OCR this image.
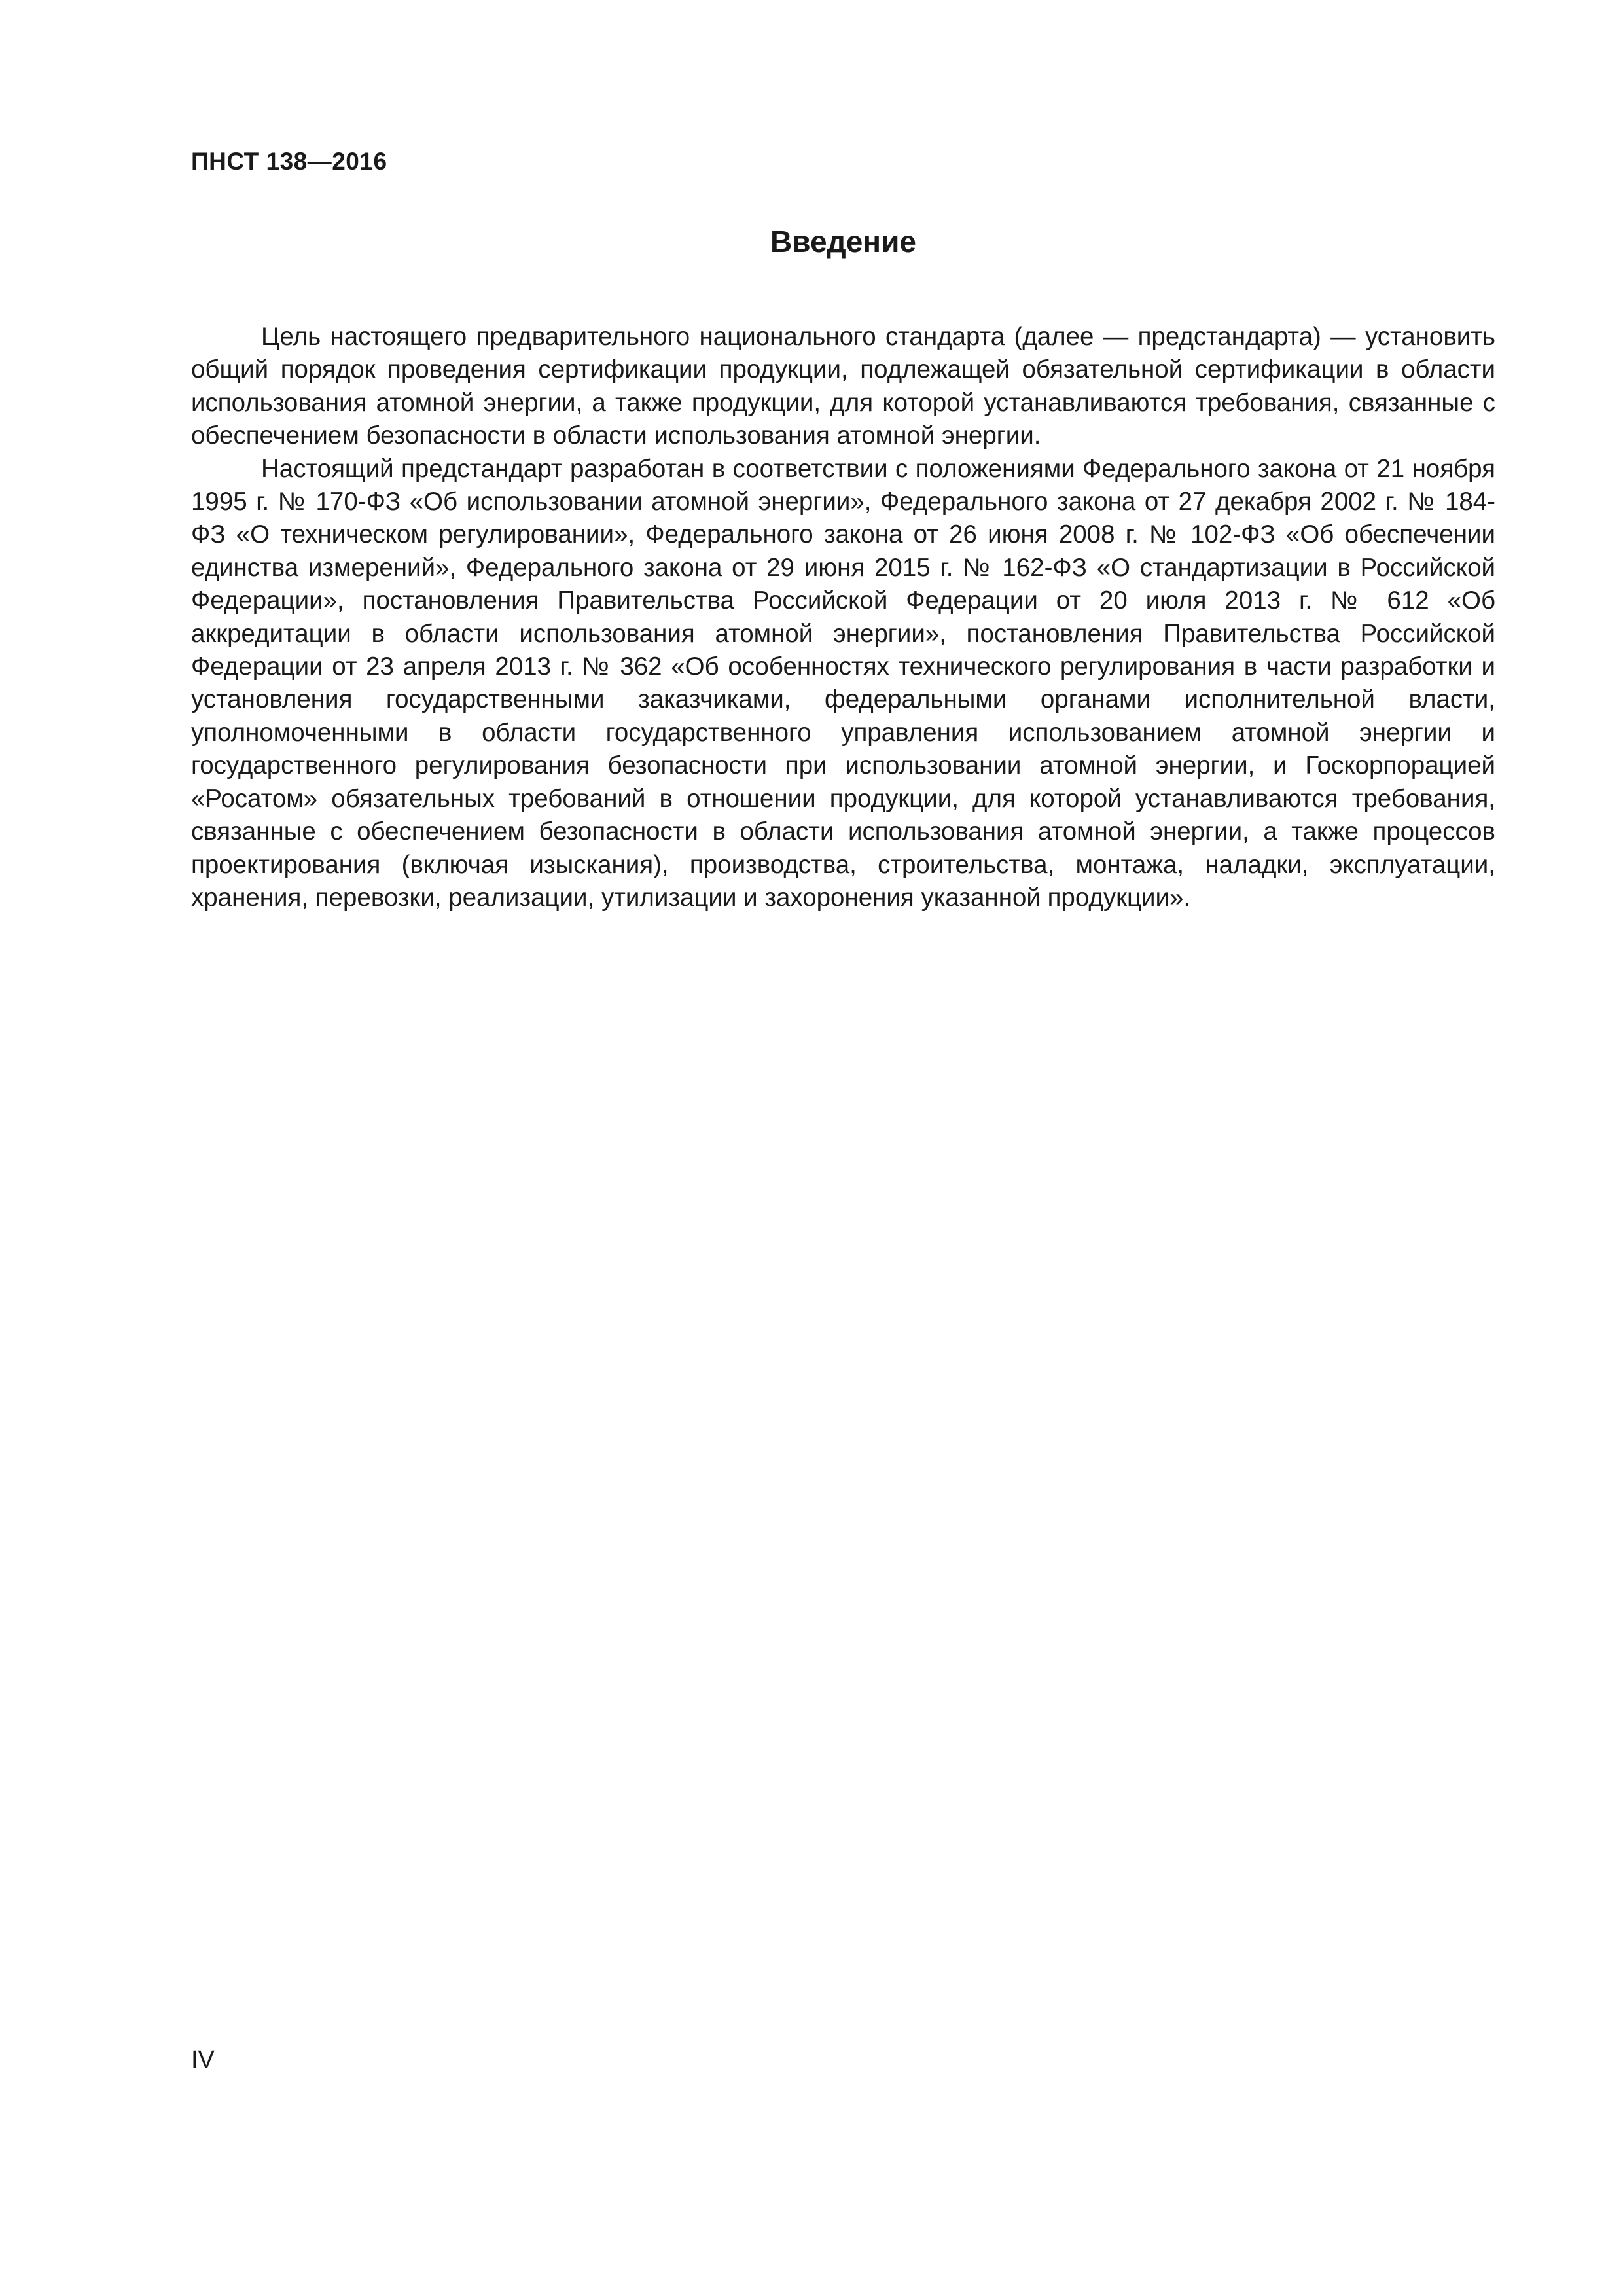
ПНСТ 138—2016
Введение

Цель настоящего предварительного национального стандарта (далее — предстандарта) — установить общий порядок проведения сертификации продукции, подлежащей обязательной сертификации в области использования атомной энергии, а также продукции, для которой устанавливаются требования, связанные с обеспечением безопасности в области использования атомной энергии.

Настоящий предстандарт разработан в соответствии с положениями Федерального закона от 21 ноября 1995 г. № 170-ФЗ «Об использовании атомной энергии», Федерального закона от 27 декабря 2002 г. № 184-ФЗ «О техническом регулировании», Федерального закона от 26 июня 2008 г. № 102-ФЗ «Об обеспечении единства измерений», Федерального закона от 29 июня 2015 г. № 162-ФЗ «О стандартизации в Российской Федерации», постановления Правительства Российской Федерации от 20 июля 2013 г. № 612 «Об аккредитации в области использования атомной энергии», постановления Правительства Российской Федерации от 23 апреля 2013 г. № 362 «Об особенностях технического регулирования в части разработки и установления государственными заказчиками, федеральными органами исполнительной власти, уполномоченными в области государственного управления использованием атомной энергии и государственного регулирования безопасности при использовании атомной энергии, и Госкорпорацией «Росатом» обязательных требований в отношении продукции, для которой устанавливаются требования, связанные с обеспечением безопасности в области использования атомной энергии, а также процессов проектирования (включая изыскания), производства, строительства, монтажа, наладки, эксплуатации, хранения, перевозки, реализации, утилизации и захоронения указанной продукции».

IV
